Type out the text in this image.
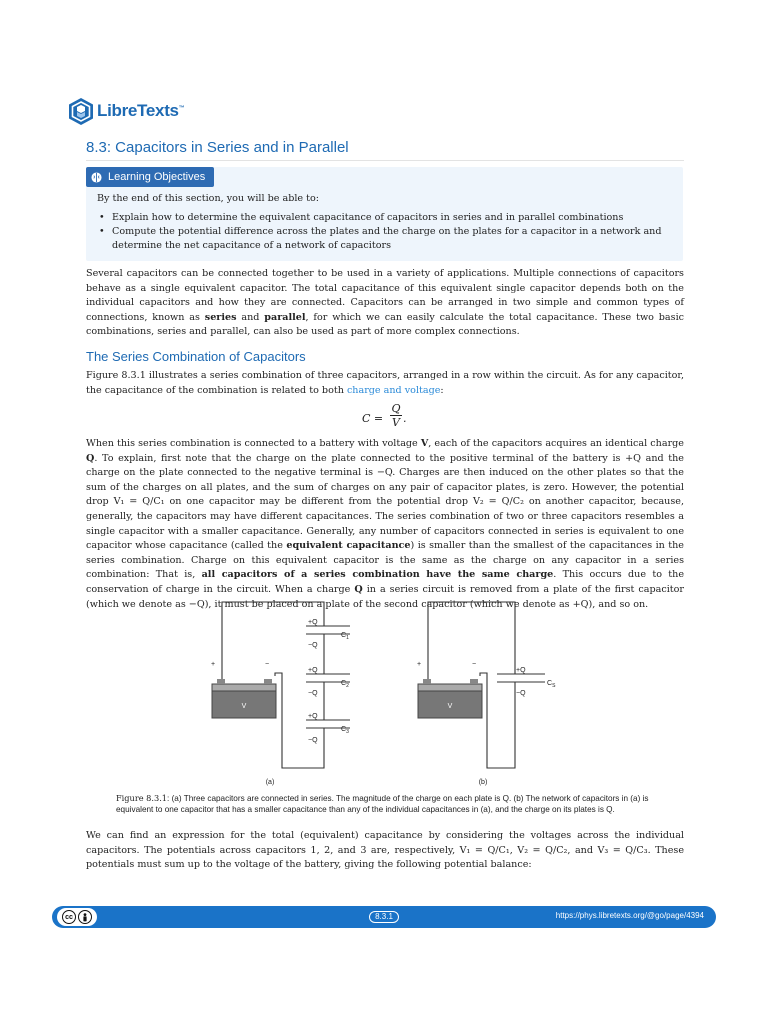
LibreTexts™
8.3: Capacitors in Series and in Parallel
Learning Objectives
By the end of this section, you will be able to:
• Explain how to determine the equivalent capacitance of capacitors in series and in parallel combinations
• Compute the potential difference across the plates and the charge on the plates for a capacitor in a network and determine the net capacitance of a network of capacitors

Several capacitors can be connected together to be used in a variety of applications. Multiple connections of capacitors behave as a single equivalent capacitor. The total capacitance of this equivalent single capacitor depends both on the individual capacitors and how they are connected. Capacitors can be arranged in two simple and common types of connections, known as series and parallel, for which we can easily calculate the total capacitance. These two basic combinations, series and parallel, can also be used as part of more complex connections.

The Series Combination of Capacitors

Figure 8.3.1 illustrates a series combination of three capacitors, arranged in a row within the circuit. As for any capacitor, the capacitance of the combination is related to both charge and voltage:

C =
Q
V .

When this series combination is connected to a battery with voltage V, each of the capacitors acquires an identical charge Q. To explain, first note that the charge on the plate connected to the positive terminal of the battery is +Q and the charge on the plate connected to the negative terminal is −Q. Charges are then induced on the other plates so that the sum of the charges on all plates, and the sum of charges on any pair of capacitor plates, is zero. However, the potential drop V₁ = Q/C₁ on one capacitor may be different from the potential drop V₂ = Q/C₂ on another capacitor, because, generally, the capacitors may have different capacitances. The series combination of two or three capacitors resembles a single capacitor with a smaller capacitance. Generally, any number of capacitors connected in series is equivalent to one capacitor whose capacitance (called the equivalent capacitance) is smaller than the smallest of the capacitances in the series combination. Charge on this equivalent capacitor is the same as the charge on any capacitor in a series combination: That is, all capacitors of a series combination have the same charge. This occurs due to the conservation of charge in the circuit. When a charge Q in a series circuit is removed from a plate of the first capacitor (which we denote as −Q), it must be placed on a plate of the second capacitor (which we denote as +Q), and so on.

V	V
+	−
+Q
−Q
+Q
−Q
+Q
−Q
$C_1$
$C_2$
$C_3$
(a)
+	−
+Q
−Q
$C_S$
(b)
Figure 8.3.1: (a) Three capacitors are connected in series. The magnitude of the charge on each plate is Q. (b) The network of capacitors in (a) is equivalent to one capacitor that has a smaller capacitance than any of the individual capacitances in (a), and the charge on its plates is Q.

We can find an expression for the total (equivalent) capacitance by considering the voltages across the individual capacitors. The potentials across capacitors 1, 2, and 3 are, respectively, V₁ = Q/C₁, V₂ = Q/C₂, and V₃ = Q/C₃. These potentials must sum up to the voltage of the battery, giving the following potential balance:

cc	8.3.1	https://phys.libretexts.org/@go/page/4394
